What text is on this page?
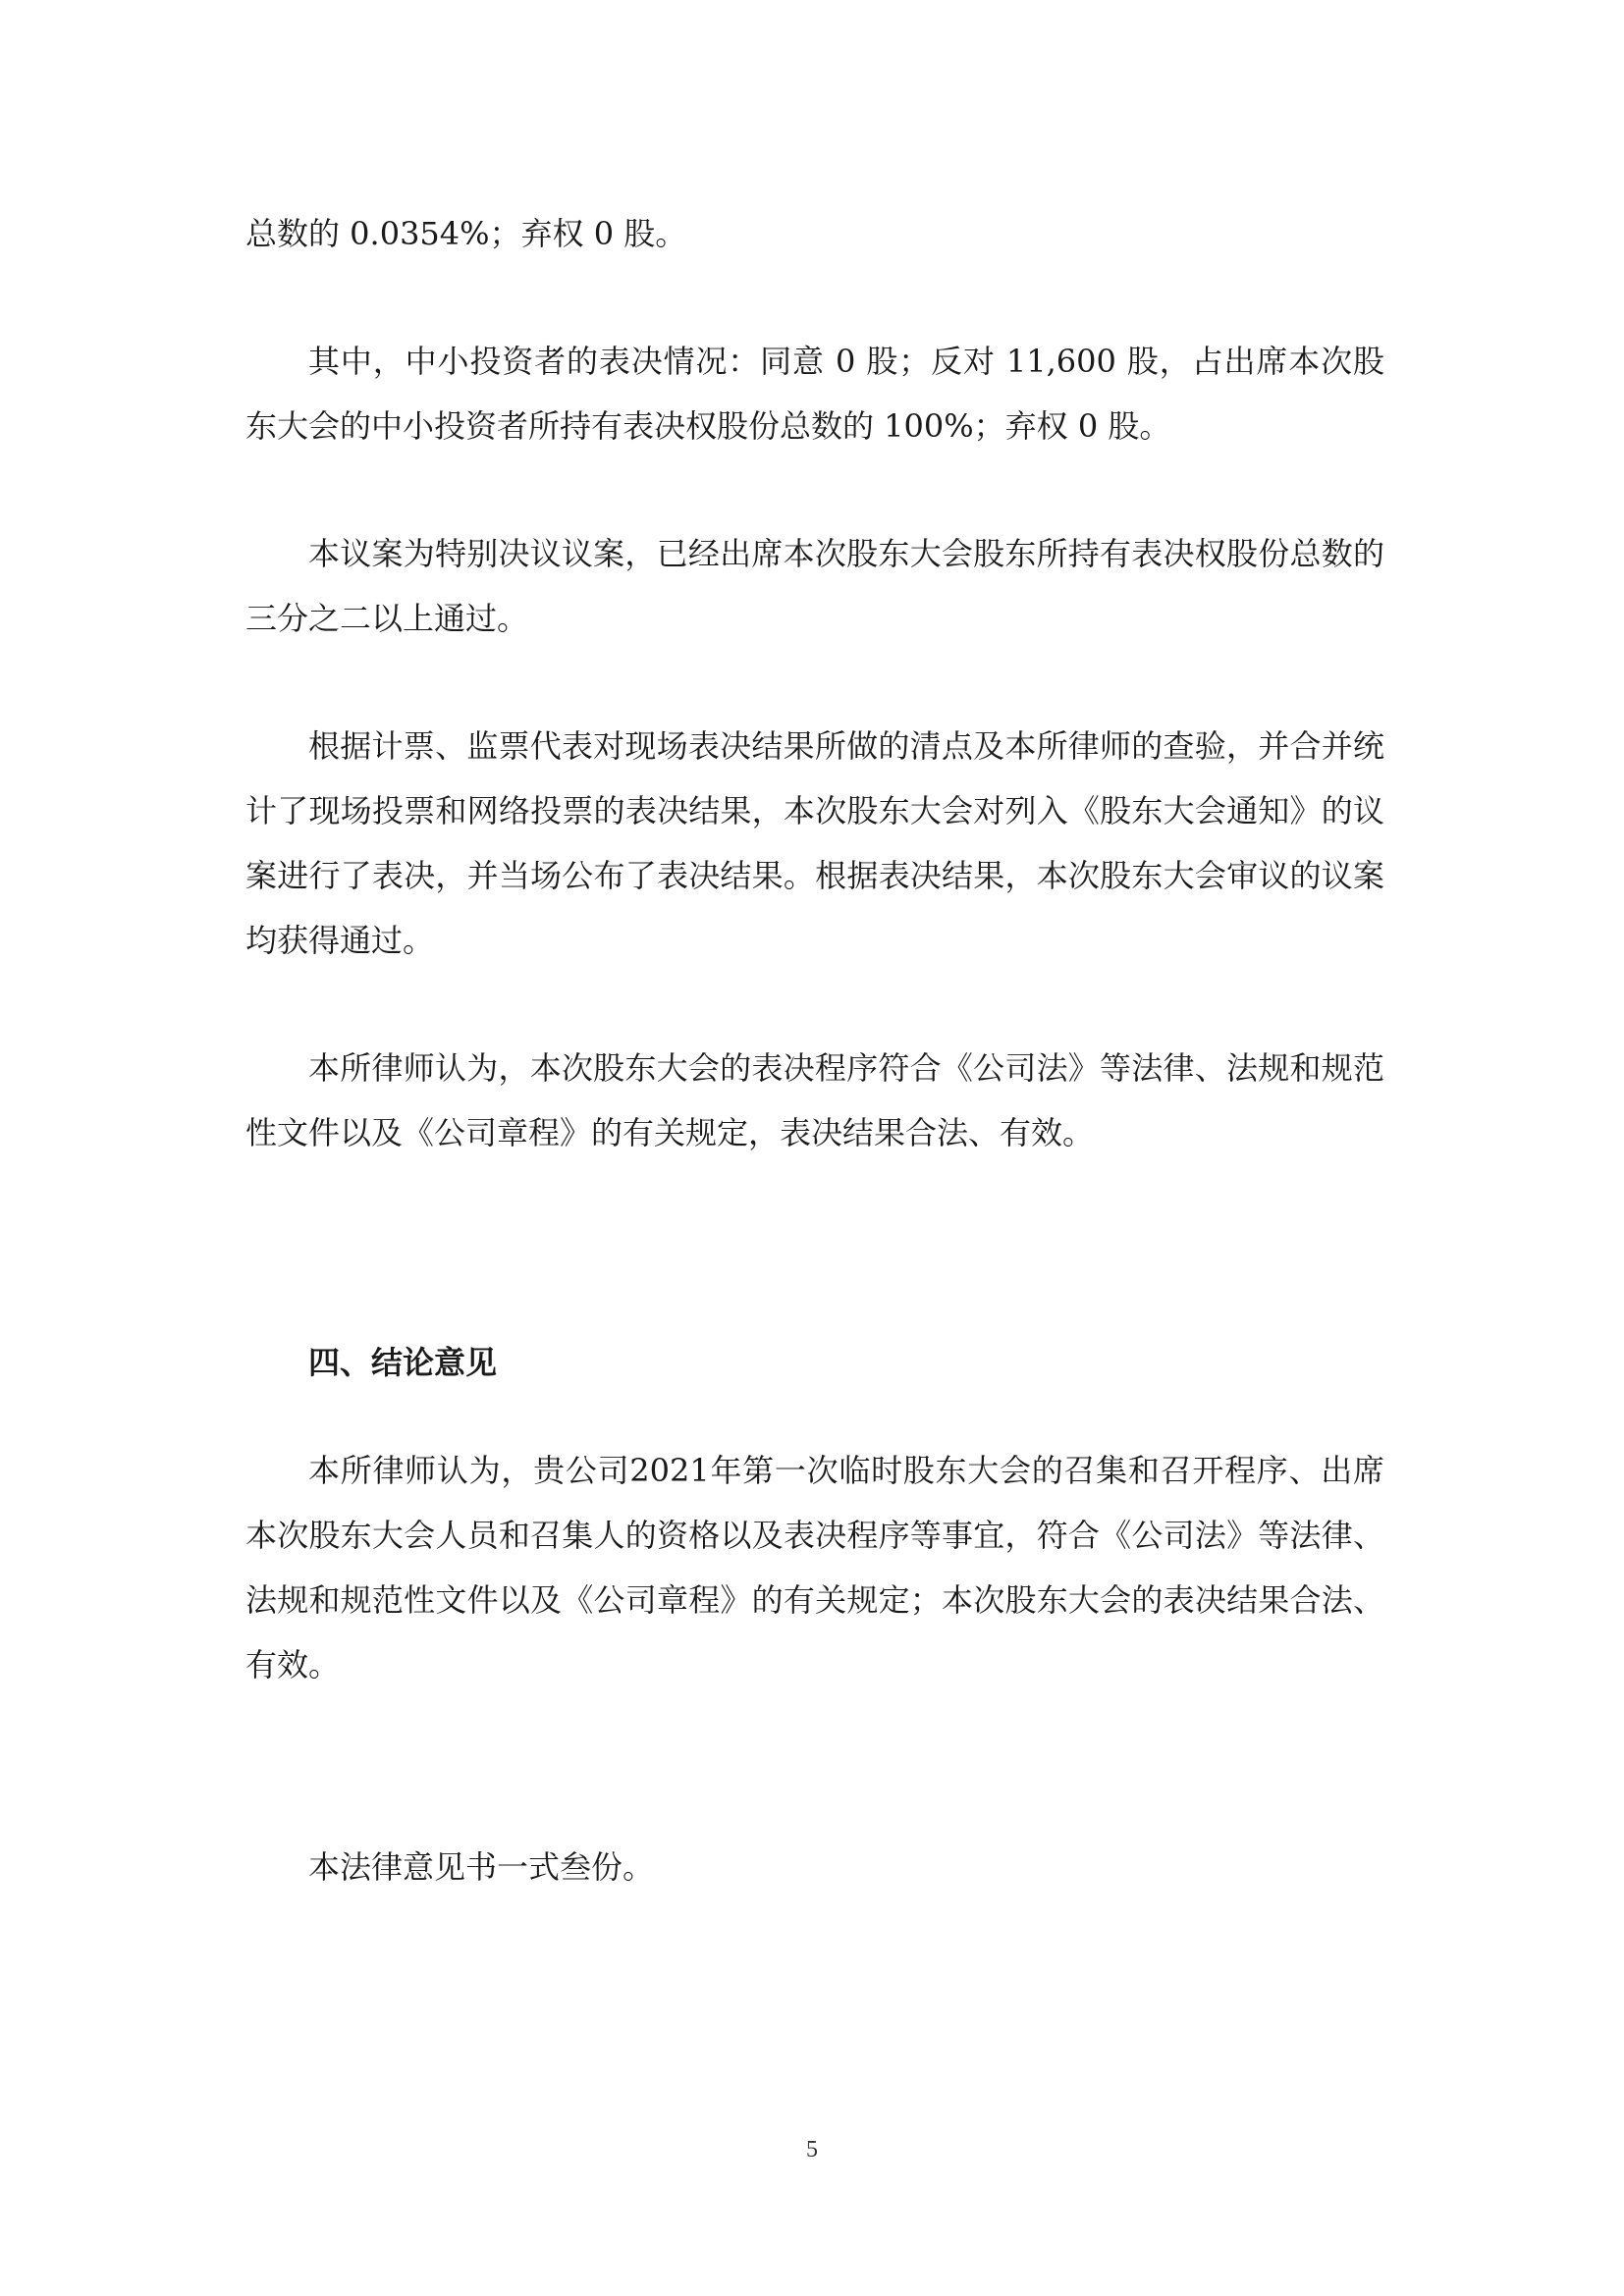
总数的 0.0354%；弃权 0 股。

其中，中小投资者的表决情况：同意 0 股；反对 11,600 股，占出席本次股东大会的中小投资者所持有表决权股份总数的 100%；弃权 0 股。

本议案为特别决议议案，已经出席本次股东大会股东所持有表决权股份总数的三分之二以上通过。

根据计票、监票代表对现场表决结果所做的清点及本所律师的查验，并合并统计了现场投票和网络投票的表决结果，本次股东大会对列入《股东大会通知》的议案进行了表决，并当场公布了表决结果。根据表决结果，本次股东大会审议的议案均获得通过。

本所律师认为，本次股东大会的表决程序符合《公司法》等法律、法规和规范性文件以及《公司章程》的有关规定，表决结果合法、有效。

四、结论意见

本所律师认为，贵公司2021年第一次临时股东大会的召集和召开程序、出席本次股东大会人员和召集人的资格以及表决程序等事宜，符合《公司法》等法律、法规和规范性文件以及《公司章程》的有关规定；本次股东大会的表决结果合法、有效。

本法律意见书一式叁份。

5
